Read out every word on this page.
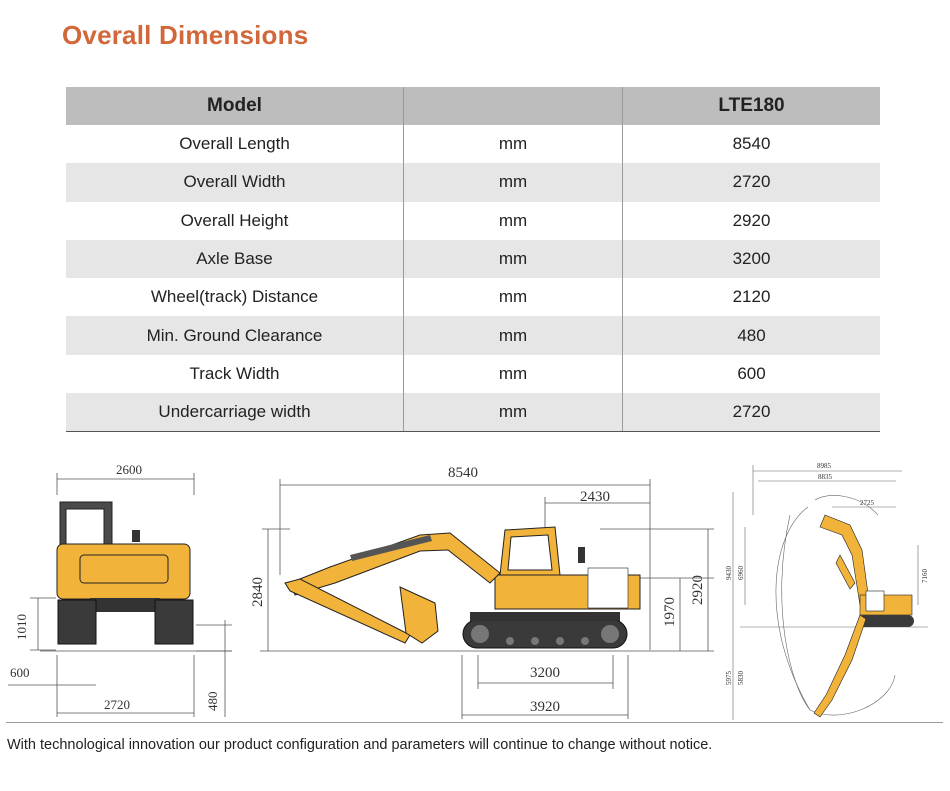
Overall Dimensions
Model		LTE180
Overall Length	mm	8540
Overall Width	mm	2720
Overall Height	mm	2920
Axle Base	mm	3200
Wheel(track) Distance	mm	2120
Min. Ground Clearance	mm	480
Track Width	mm	600
Undercarriage width	mm	2720
2600
1010
600
2720	480
8540
2430
2840
1970
2920
3200
3920
8985
8835
2725
9430 6960	7160
5975 5830
With technological innovation our product configuration and parameters will continue to change without notice.
